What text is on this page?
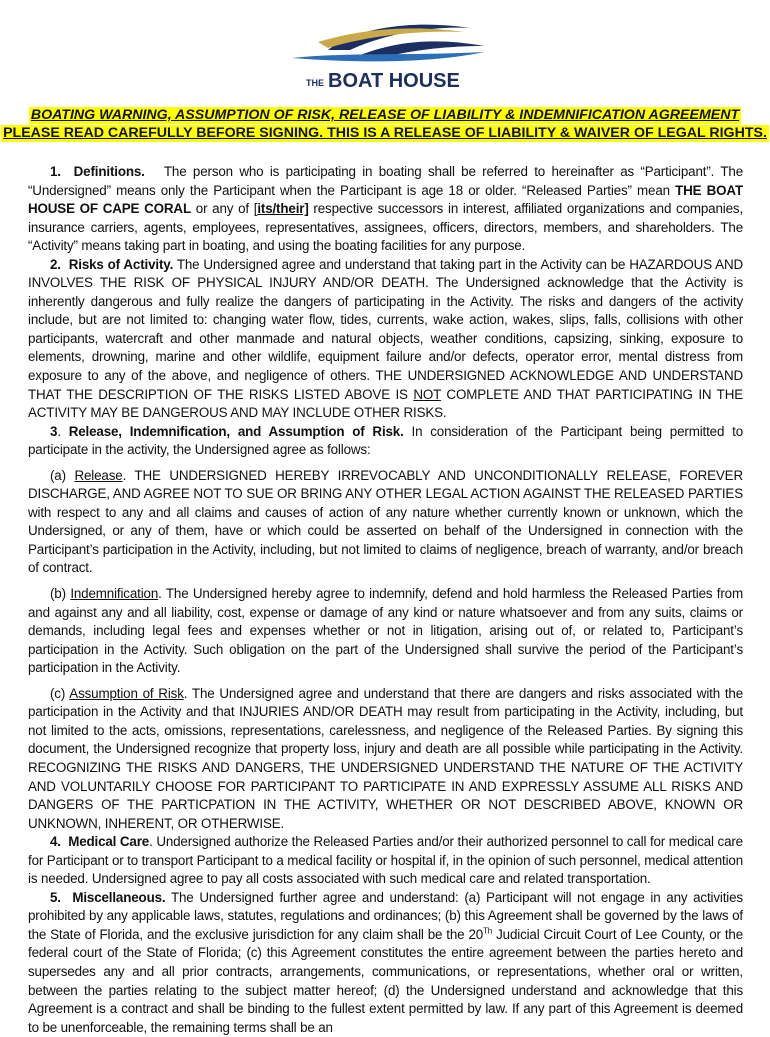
THE BOAT HOUSE
BOATING WARNING, ASSUMPTION OF RISK, RELEASE OF LIABILITY & INDEMNIFICATION AGREEMENT
PLEASE READ CAREFULLY BEFORE SIGNING. THIS IS A RELEASE OF LIABILITY & WAIVER OF LEGAL RIGHTS.

1. Definitions. The person who is participating in boating shall be referred to hereinafter as “Participant”. The “Undersigned” means only the Participant when the Participant is age 18 or older. “Released Parties” mean THE BOAT HOUSE OF CAPE CORAL or any of [its/their] respective successors in interest, affiliated organizations and companies, insurance carriers, agents, employees, representatives, assignees, officers, directors, members, and shareholders. The “Activity” means taking part in boating, and using the boating facilities for any purpose.

2. Risks of Activity. The Undersigned agree and understand that taking part in the Activity can be HAZARDOUS AND INVOLVES THE RISK OF PHYSICAL INJURY AND/OR DEATH. The Undersigned acknowledge that the Activity is inherently dangerous and fully realize the dangers of participating in the Activity. The risks and dangers of the activity include, but are not limited to: changing water flow, tides, currents, wake action, wakes, slips, falls, collisions with other participants, watercraft and other manmade and natural objects, weather conditions, capsizing, sinking, exposure to elements, drowning, marine and other wildlife, equipment failure and/or defects, operator error, mental distress from exposure to any of the above, and negligence of others. THE UNDERSIGNED ACKNOWLEDGE AND UNDERSTAND THAT THE DESCRIPTION OF THE RISKS LISTED ABOVE IS NOT COMPLETE AND THAT PARTICIPATING IN THE ACTIVITY MAY BE DANGEROUS AND MAY INCLUDE OTHER RISKS.

3. Release, Indemnification, and Assumption of Risk. In consideration of the Participant being permitted to participate in the activity, the Undersigned agree as follows:

(a) Release. THE UNDERSIGNED HEREBY IRREVOCABLY AND UNCONDITIONALLY RELEASE, FOREVER DISCHARGE, AND AGREE NOT TO SUE OR BRING ANY OTHER LEGAL ACTION AGAINST THE RELEASED PARTIES with respect to any and all claims and causes of action of any nature whether currently known or unknown, which the Undersigned, or any of them, have or which could be asserted on behalf of the Undersigned in connection with the Participant’s participation in the Activity, including, but not limited to claims of negligence, breach of warranty, and/or breach of contract.

(b) Indemnification. The Undersigned hereby agree to indemnify, defend and hold harmless the Released Parties from and against any and all liability, cost, expense or damage of any kind or nature whatsoever and from any suits, claims or demands, including legal fees and expenses whether or not in litigation, arising out of, or related to, Participant’s participation in the Activity. Such obligation on the part of the Undersigned shall survive the period of the Participant’s participation in the Activity.

(c) Assumption of Risk. The Undersigned agree and understand that there are dangers and risks associated with the participation in the Activity and that INJURIES AND/OR DEATH may result from participating in the Activity, including, but not limited to the acts, omissions, representations, carelessness, and negligence of the Released Parties. By signing this document, the Undersigned recognize that property loss, injury and death are all possible while participating in the Activity. RECOGNIZING THE RISKS AND DANGERS, THE UNDERSIGNED UNDERSTAND THE NATURE OF THE ACTIVITY AND VOLUNTARILY CHOOSE FOR PARTICIPANT TO PARTICIPATE IN AND EXPRESSLY ASSUME ALL RISKS AND DANGERS OF THE PARTICPATION IN THE ACTIVITY, WHETHER OR NOT DESCRIBED ABOVE, KNOWN OR UNKNOWN, INHERENT, OR OTHERWISE.

4. Medical Care. Undersigned authorize the Released Parties and/or their authorized personnel to call for medical care for Participant or to transport Participant to a medical facility or hospital if, in the opinion of such personnel, medical attention is needed. Undersigned agree to pay all costs associated with such medical care and related transportation.

5. Miscellaneous. The Undersigned further agree and understand: (a) Participant will not engage in any activities prohibited by any applicable laws, statutes, regulations and ordinances; (b) this Agreement shall be governed by the laws of the State of Florida, and the exclusive jurisdiction for any claim shall be the 20Th Judicial Circuit Court of Lee County, or the federal court of the State of Florida; (c) this Agreement constitutes the entire agreement between the parties hereto and supersedes any and all prior contracts, arrangements, communications, or representations, whether oral or written, between the parties relating to the subject matter hereof; (d) the Undersigned understand and acknowledge that this Agreement is a contract and shall be binding to the fullest extent permitted by law. If any part of this Agreement is deemed to be unenforceable, the remaining terms shall be an
